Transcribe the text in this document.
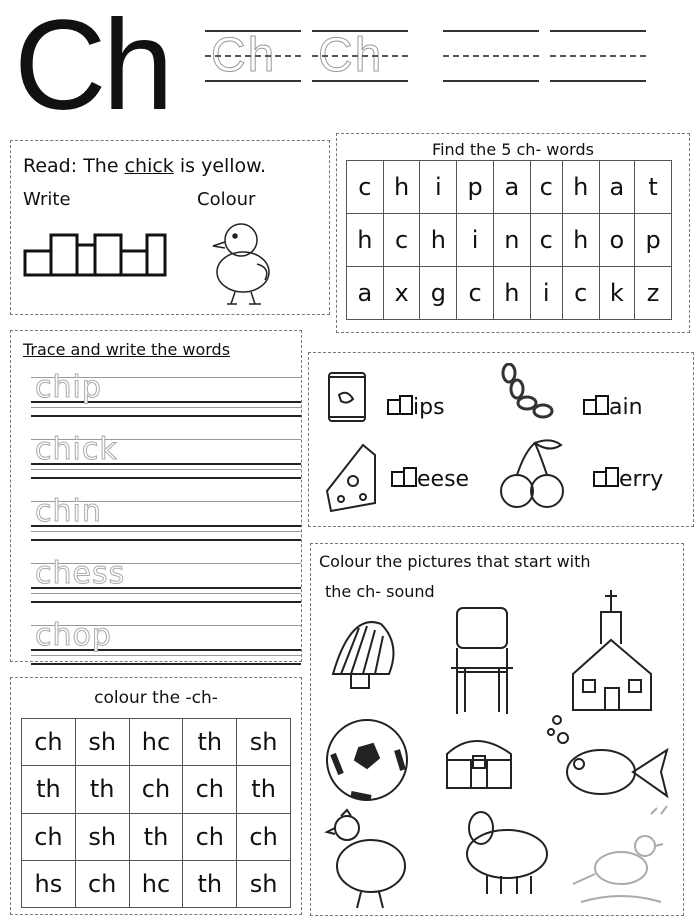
Ch Ch Ch
Read: The chick is yellow.
Write	Colour
Find the 5 ch- words
c	h	i	p	a	c	h	a	t
h	c	h	i	n	c	h	o	p
a	x	g	c	h	i	c	k	z
Trace and write the words
chip
chick
chin
chess
chop
ips	ain
eese	erry
Colour the pictures that start with
the ch- sound
colour the -ch-
ch	sh	hc	th	sh
th	th	ch	ch	th
ch	sh	th	ch	ch
hs	ch	hc	th	sh
